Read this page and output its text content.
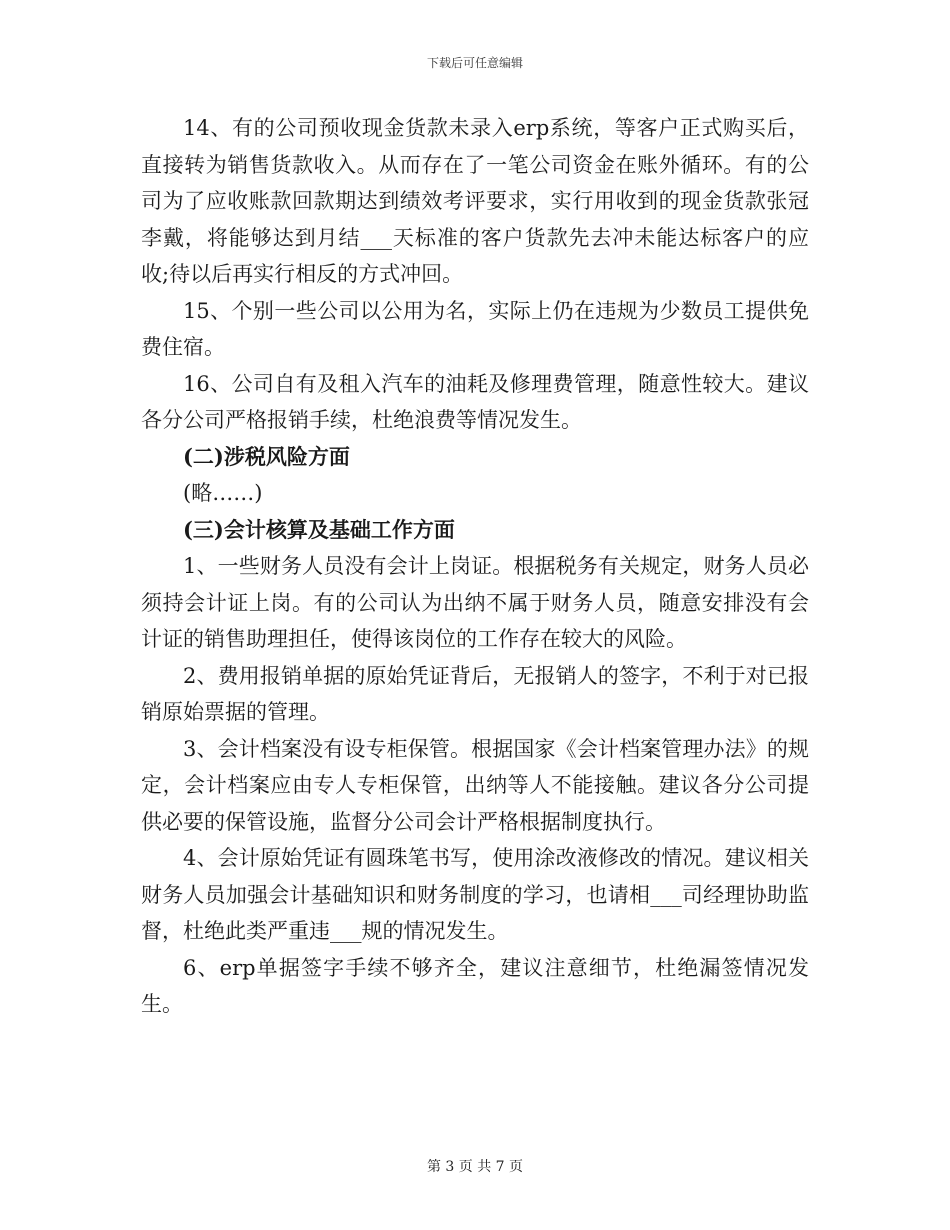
下载后可任意编辑

14、有的公司预收现金货款未录入erp系统，等客户正式购买后，直接转为销售货款收入。从而存在了一笔公司资金在账外循环。有的公司为了应收账款回款期达到绩效考评要求，实行用收到的现金货款张冠李戴，将能够达到月结___天标准的客户货款先去冲未能达标客户的应收;待以后再实行相反的方式冲回。

15、个别一些公司以公用为名，实际上仍在违规为少数员工提供免费住宿。

16、公司自有及租入汽车的油耗及修理费管理，随意性较大。建议各分公司严格报销手续，杜绝浪费等情况发生。

(二)涉税风险方面

(略……)

(三)会计核算及基础工作方面

1、一些财务人员没有会计上岗证。根据税务有关规定，财务人员必须持会计证上岗。有的公司认为出纳不属于财务人员，随意安排没有会计证的销售助理担任，使得该岗位的工作存在较大的风险。

2、费用报销单据的原始凭证背后，无报销人的签字，不利于对已报销原始票据的管理。

3、会计档案没有设专柜保管。根据国家《会计档案管理办法》的规定，会计档案应由专人专柜保管，出纳等人不能接触。建议各分公司提供必要的保管设施，监督分公司会计严格根据制度执行。

4、会计原始凭证有圆珠笔书写，使用涂改液修改的情况。建议相关财务人员加强会计基础知识和财务制度的学习，也请相___司经理协助监督，杜绝此类严重违___规的情况发生。

6、erp单据签字手续不够齐全，建议注意细节，杜绝漏签情况发生。

第 3 页 共 7 页
